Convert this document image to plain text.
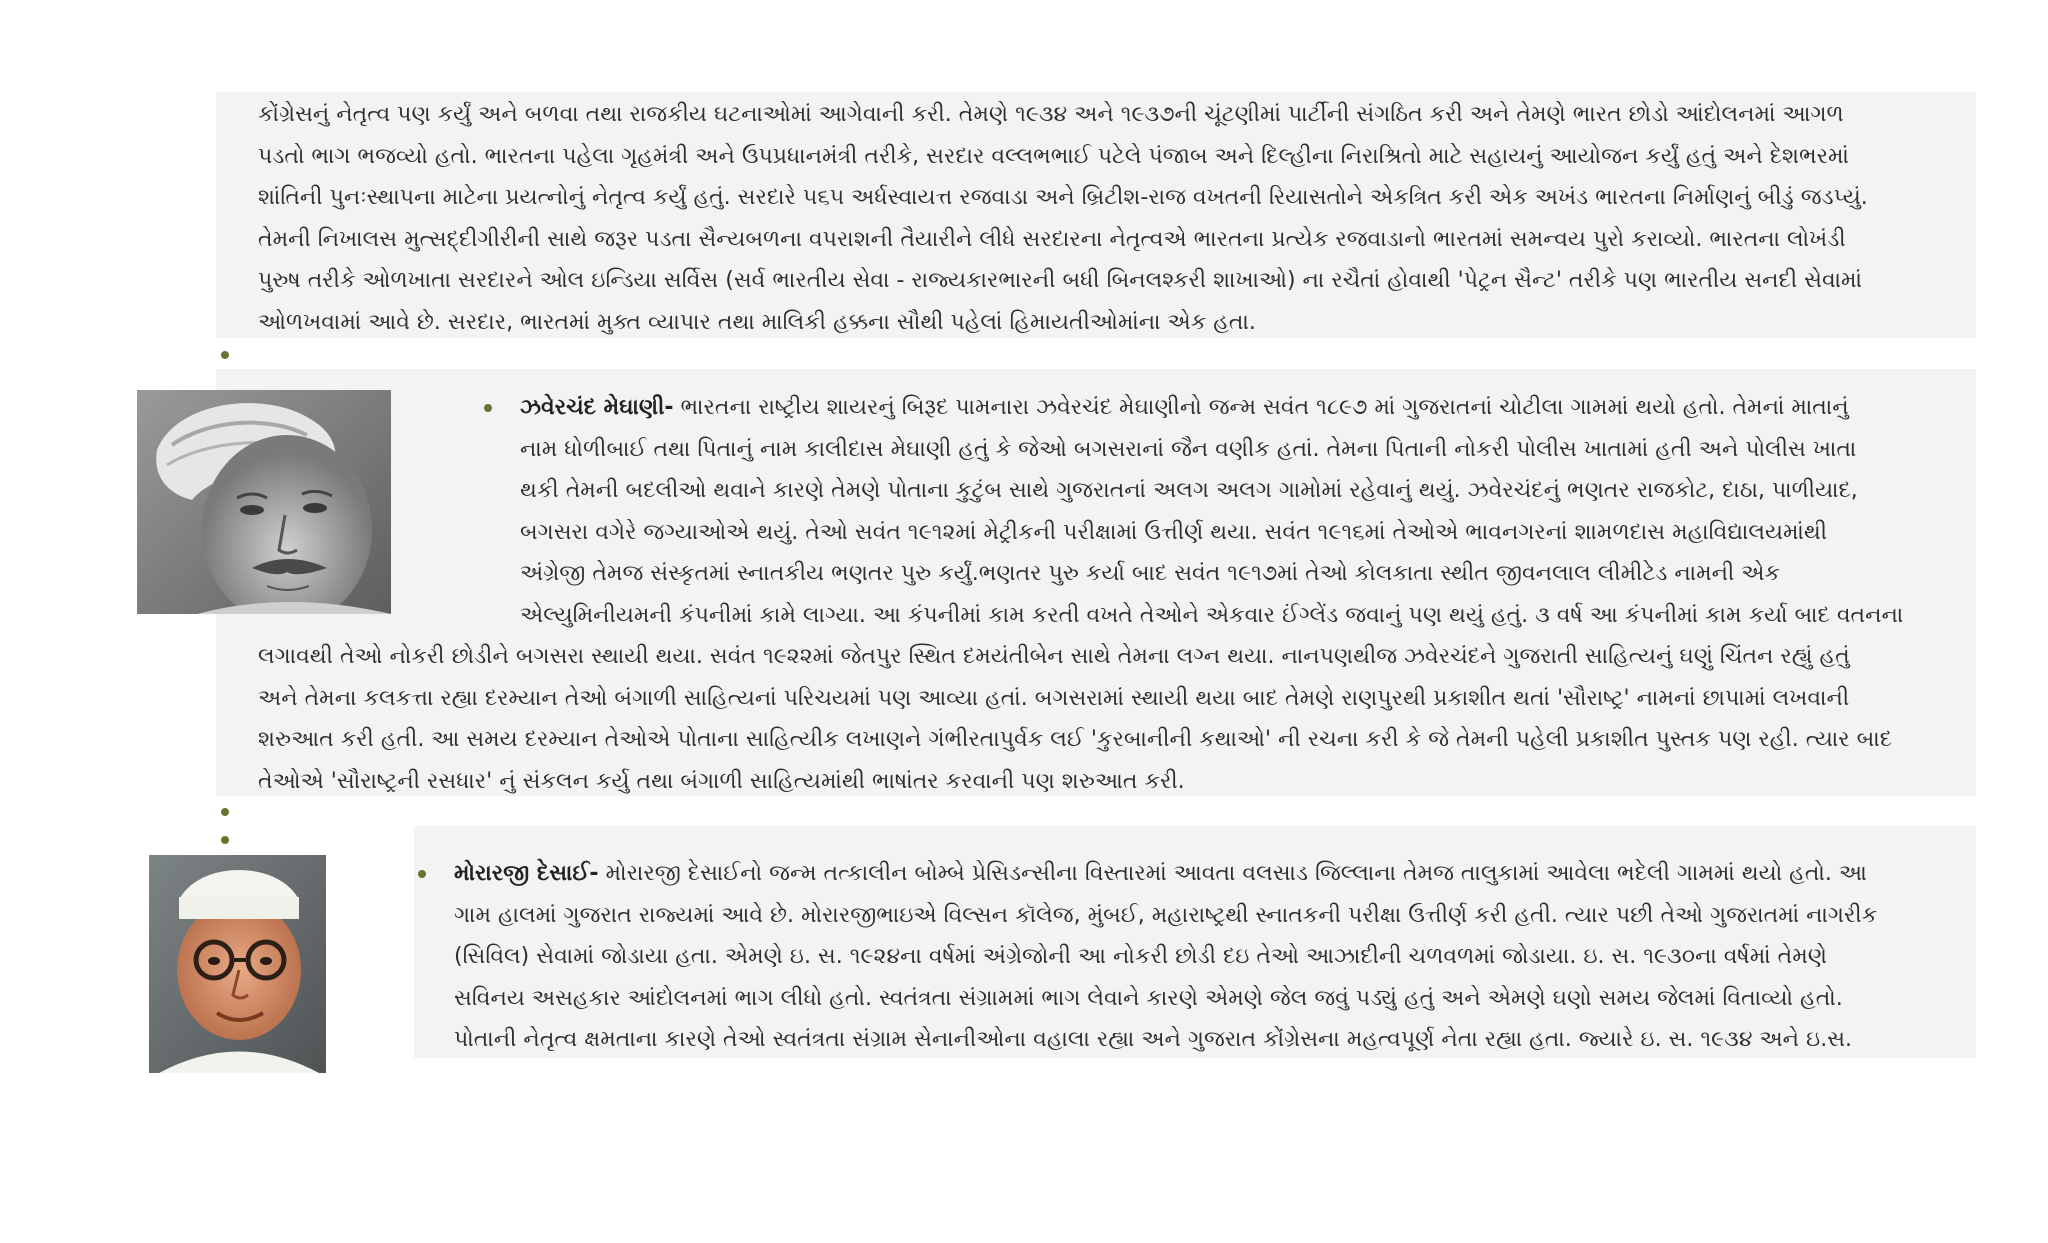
કોંગ્રેસનું નેતૃત્વ પણ કર્યું અને બળવા તથા રાજકીય ઘટનાઓમાં આગેવાની કરી. તેમણે ૧૯૩૪ અને ૧૯૩૭ની ચૂંટણીમાં પાર્ટીની સંગઠિત કરી અને તેમણે ભારત છોડો આંદોલનમાં આગળ
પડતો ભાગ ભજવ્યો હતો. ભારતના પહેલા ગૃહમંત્રી અને ઉપપ્રધાનમંત્રી તરીકે, સરદાર વલ્લભભાઈ પટેલે પંજાબ અને દિલ્હીના નિરાશ્રિતો માટે સહાયનું આયોજન કર્યું હતું અને દેશભરમાં
શાંતિની પુનઃસ્થાપના માટેના પ્રયત્નોનું નેતૃત્વ કર્યું હતું. સરદારે ૫૬૫ અર્ધસ્વાયત્ત રજવાડા અને બ્રિટીશ-રાજ વખતની રિયાસતોને એકત્રિત કરી એક અખંડ ભારતના નિર્માણનું બીડું જડપ્યું.
તેમની નિખાલસ મુત્સદ્દીગીરીની સાથે જરૂર પડતા સૈન્યબળના વપરાશની તૈયારીને લીધે સરદારના નેતૃત્વએ ભારતના પ્રત્યેક રજવાડાનો ભારતમાં સમન્વય પુરો કરાવ્યો. ભારતના લોખંડી
પુરુષ તરીકે ઓળખાતા સરદારને ઓલ ઇન્ડિયા સર્વિસ (સર્વ ભારતીય સેવા - રાજ્યકારભારની બધી બિનલશ્કરી શાખાઓ) ના રચૈતાં હોવાથી 'પેટ્રન સૈન્ટ' તરીકે પણ ભારતીય સનદી સેવામાં
ઓળખવામાં આવે છે. સરદાર, ભારતમાં મુક્ત વ્યાપાર તથા માલિકી હક્કના સૌથી પહેલાં હિમાયતીઓમાંના એક હતા.
ઝવેરચંદ મેઘાણી- ભારતના રાષ્ટ્રીય શાયરનું બિરૂદ પામનારા ઝવેરચંદ મેઘાણીનો જન્મ સવંત ૧૮૯૭ માં ગુજરાતનાં ચોટીલા ગામમાં થયો હતો. તેમનાં માતાનું
નામ ધોળીબાઈ તથા પિતાનું નામ કાલીદાસ મેઘાણી હતું કે જેઓ બગસરાનાં જૈન વણીક હતાં. તેમના પિતાની નોકરી પોલીસ ખાતામાં હતી અને પોલીસ ખાતા
થકી તેમની બદલીઓ થવાને કારણે તેમણે પોતાના કુટુંબ સાથે ગુજરાતનાં અલગ અલગ ગામોમાં રહેવાનું થયું. ઝવેરચંદનું ભણતર રાજકોટ, દાઠા, પાળીયાદ,
બગસરા વગેરે જગ્યાઓએ થયું. તેઓ સવંત ૧૯૧૨માં મેટ્રીકની પરીક્ષામાં ઉત્તીર્ણ થયા. સવંત ૧૯૧૬માં તેઓએ ભાવનગરનાં શામળદાસ મહાવિદ્યાલયમાંથી
અંગ્રેજી તેમજ સંસ્કૃતમાં સ્નાતકીય ભણતર પુરુ કર્યું.ભણતર પુરુ કર્યા બાદ સવંત ૧૯૧૭માં તેઓ કોલકાતા સ્થીત જીવનલાલ લીમીટેડ નામની એક
એલ્યુમિનીયમની કંપનીમાં કામે લાગ્યા. આ કંપનીમાં કામ કરતી વખતે તેઓને એકવાર ઈંગ્લેંડ જવાનું પણ થયું હતું. ૩ વર્ષ આ કંપનીમાં કામ કર્યા બાદ વતનના
લગાવથી તેઓ નોકરી છોડીને બગસરા સ્થાયી થયા. સવંત ૧૯૨૨માં જેતપુર સ્થિત દમયંતીબેન સાથે તેમના લગ્ન થયા. નાનપણથીજ ઝવેરચંદને ગુજરાતી સાહિત્યનું ઘણું ચિંતન રહ્યું હતું
અને તેમના કલકત્તા રહ્યા દરમ્યાન તેઓ બંગાળી સાહિત્યનાં પરિચયમાં પણ આવ્યા હતાં. બગસરામાં સ્થાયી થયા બાદ તેમણે રાણપુરથી પ્રકાશીત થતાં 'સૌરાષ્ટ્ર' નામનાં છાપામાં લખવાની
શરુઆત કરી હતી. આ સમય દરમ્યાન તેઓએ પોતાના સાહિત્યીક લખાણને ગંભીરતાપુર્વક લઈ 'કુરબાનીની કથાઓ' ની રચના કરી કે જે તેમની પહેલી પ્રકાશીત પુસ્તક પણ રહી. ત્યાર બાદ
તેઓએ 'સૌરાષ્ટ્રની રસધાર' નું સંકલન કર્યુ તથા બંગાળી સાહિત્યમાંથી ભાષાંતર કરવાની પણ શરુઆત કરી.
મોરારજી દેસાઈ- મોરારજી દેસાઈનો જન્મ તત્કાલીન બોમ્બે પ્રેસિડન્સીના વિસ્તારમાં આવતા વલસાડ જિલ્લાના તેમજ તાલુકામાં આવેલા ભદેલી ગામમાં થયો હતો. આ
ગામ હાલમાં ગુજરાત રાજ્યમાં આવે છે. મોરારજીભાઇએ વિલ્સન કૉલેજ, મુંબઈ, મહારાષ્ટ્રથી સ્નાતકની પરીક્ષા ઉત્તીર્ણ કરી હતી. ત્યાર પછી તેઓ ગુજરાતમાં નાગરીક
(સિવિલ) સેવામાં જોડાયા હતા. એમણે ઇ. સ. ૧૯૨૪ના વર્ષમાં અંગ્રેજોની આ નોકરી છોડી દઇ તેઓ આઝાદીની ચળવળમાં જોડાયા. ઇ. સ. ૧૯૩૦ના વર્ષમાં તેમણે
સવિનય અસહકાર આંદોલનમાં ભાગ લીધો હતો. સ્વતંત્રતા સંગ્રામમાં ભાગ લેવાને કારણે એમણે જેલ જવું પડ્યું હતું અને એમણે ઘણો સમય જેલમાં વિતાવ્યો હતો.
પોતાની નેતૃત્વ ક્ષમતાના કારણે તેઓ સ્વતંત્રતા સંગ્રામ સેનાનીઓના વહાલા રહ્યા અને ગુજરાત કોંગ્રેસના મહત્વપૂર્ણ નેતા રહ્યા હતા. જ્યારે ઇ. સ. ૧૯૩૪ અને ઇ.સ.
